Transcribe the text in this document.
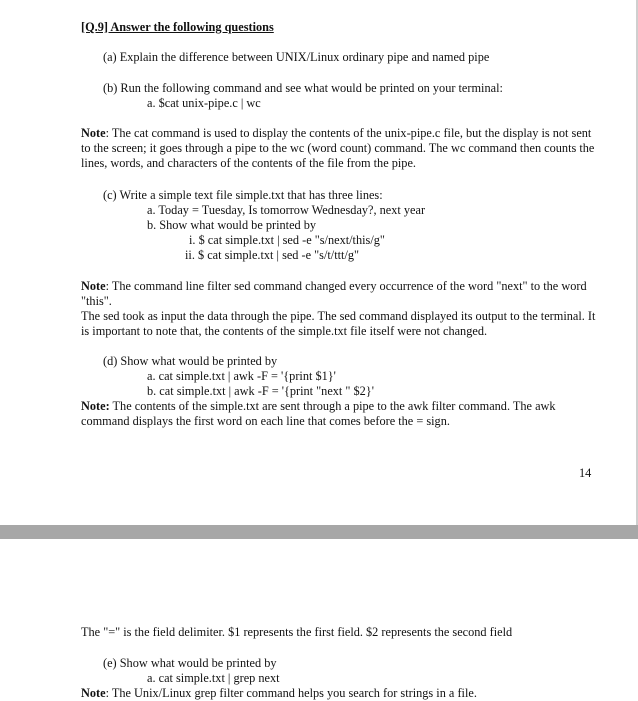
[Q.9] Answer the following questions
(a) Explain the difference between UNIX/Linux ordinary pipe and named pipe
(b) Run the following command and see what would be printed on your terminal:
a. $cat unix-pipe.c | wc
Note: The cat command is used to display the contents of the unix-pipe.c file, but the display is not sent to the screen; it goes through a pipe to the wc (word count) command. The wc command then counts the lines, words, and characters of the contents of the file from the pipe.
(c) Write a simple text file simple.txt that has three lines:
a. Today = Tuesday, Is tomorrow Wednesday?, next year
b. Show what would be printed by
i. $ cat simple.txt | sed -e "s/next/this/g"
ii. $ cat simple.txt | sed -e "s/t/ttt/g"
Note: The command line filter sed command changed every occurrence of the word "next" to the word "this".
The sed took as input the data through the pipe. The sed command displayed its output to the terminal. It is important to note that, the contents of the simple.txt file itself were not changed.
(d) Show what would be printed by
a. cat simple.txt | awk -F = '{print $1}'
b. cat simple.txt | awk -F = '{print "next " $2}'
Note: The contents of the simple.txt are sent through a pipe to the awk filter command. The awk command displays the first word on each line that comes before the = sign.
14
The "=" is the field delimiter. $1 represents the first field. $2 represents the second field
(e) Show what would be printed by
a. cat simple.txt | grep next
Note: The Unix/Linux grep filter command helps you search for strings in a file.
